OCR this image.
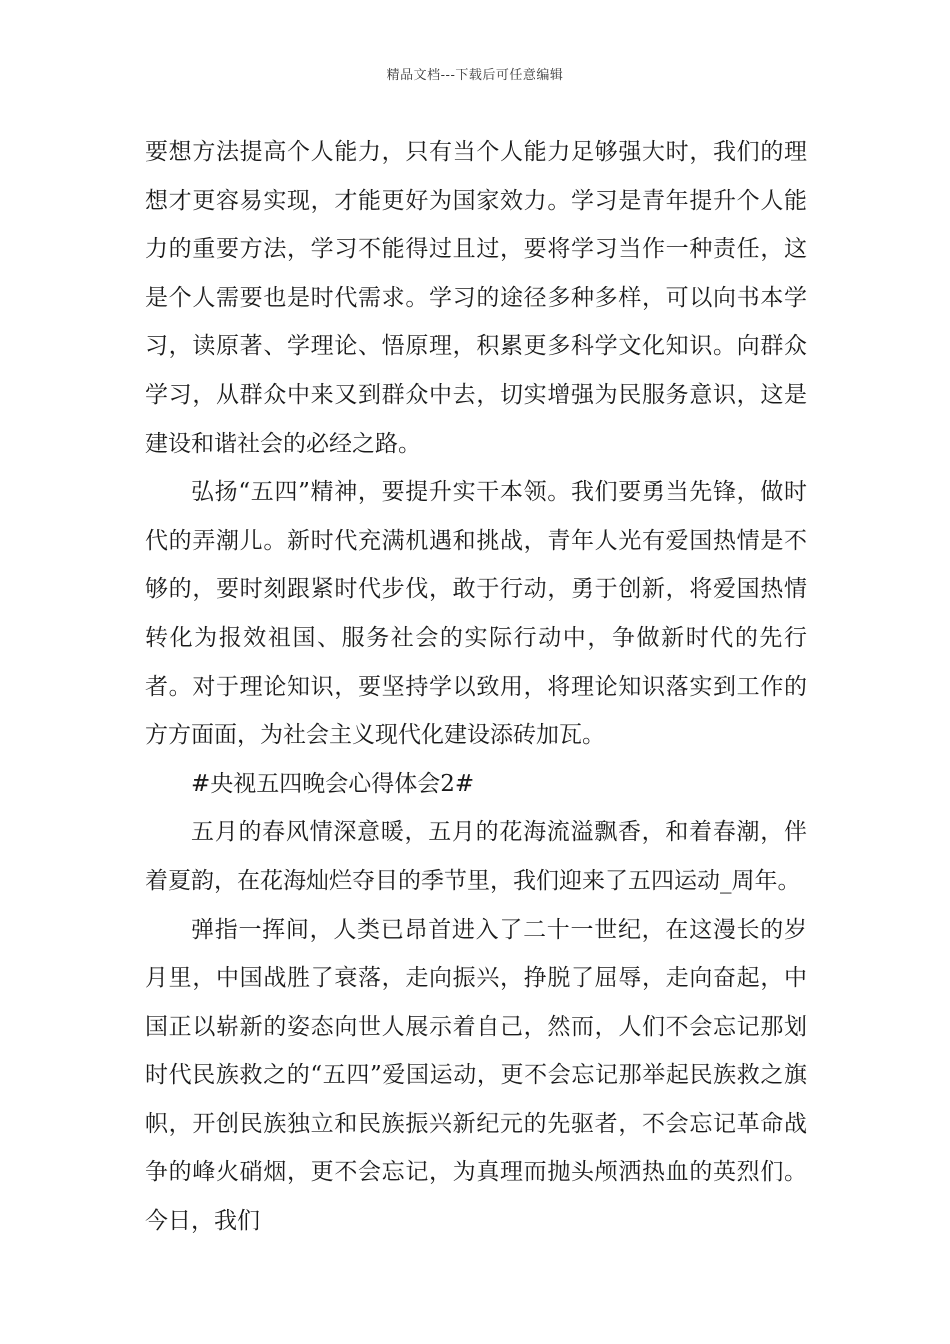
精品文档---下载后可任意编辑

要想方法提高个人能力，只有当个人能力足够强大时，我们的理想才更容易实现，才能更好为国家效力。学习是青年提升个人能力的重要方法，学习不能得过且过，要将学习当作一种责任，这是个人需要也是时代需求。学习的途径多种多样，可以向书本学习，读原著、学理论、悟原理，积累更多科学文化知识。向群众学习，从群众中来又到群众中去，切实增强为民服务意识，这是建设和谐社会的必经之路。

弘扬“五四”精神，要提升实干本领。我们要勇当先锋，做时代的弄潮儿。新时代充满机遇和挑战，青年人光有爱国热情是不够的，要时刻跟紧时代步伐，敢于行动，勇于创新，将爱国热情转化为报效祖国、服务社会的实际行动中，争做新时代的先行者。对于理论知识，要坚持学以致用，将理论知识落实到工作的方方面面，为社会主义现代化建设添砖加瓦。

#央视五四晚会心得体会2#

五月的春风情深意暖，五月的花海流溢飘香，和着春潮，伴着夏韵，在花海灿烂夺目的季节里，我们迎来了五四运动_周年。

弹指一挥间，人类已昂首进入了二十一世纪，在这漫长的岁月里，中国战胜了衰落，走向振兴，挣脱了屈辱，走向奋起，中国正以崭新的姿态向世人展示着自己，然而，人们不会忘记那划时代民族救之的“五四”爱国运动，更不会忘记那举起民族救之旗帜，开创民族独立和民族振兴新纪元的先驱者，不会忘记革命战争的峰火硝烟，更不会忘记，为真理而抛头颅洒热血的英烈们。今日，我们
